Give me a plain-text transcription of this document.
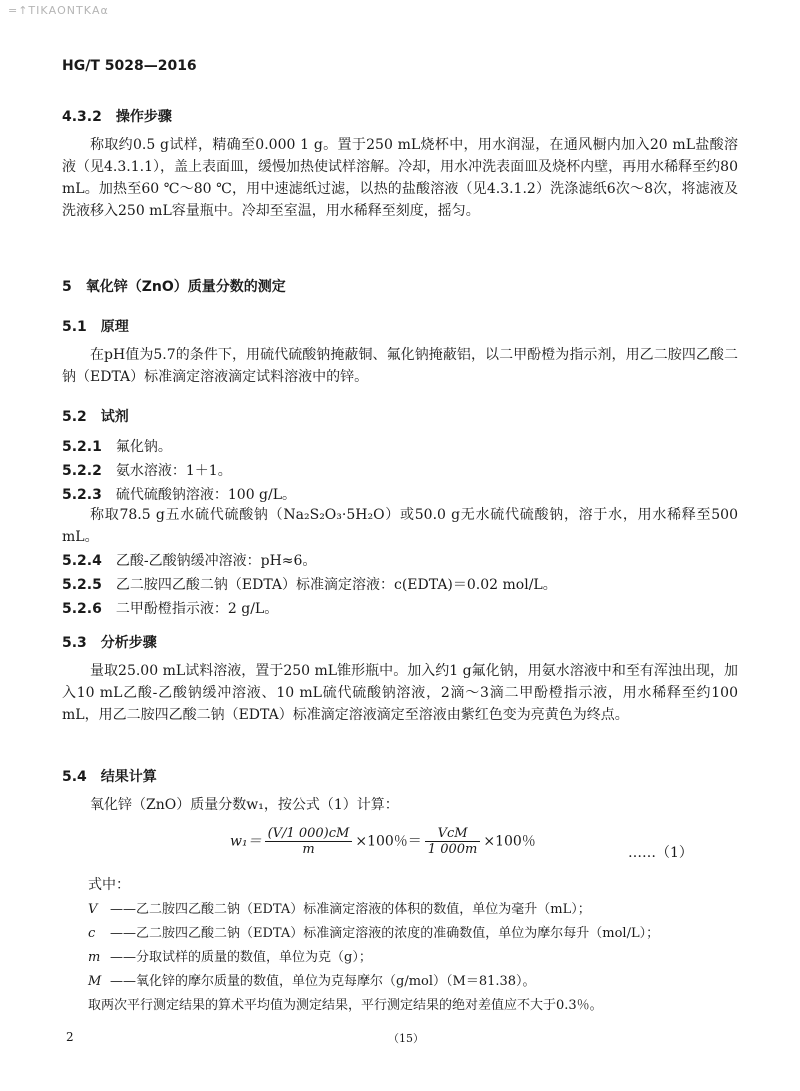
=↑ΤΙΚΑΟΝΤΚΑα
HG/T 5028—2016
4.3.2　操作步骤
称取约0.5 g试样，精确至0.000 1 g。置于250 mL烧杯中，用水润湿，在通风橱内加入20 mL盐酸溶液（见4.3.1.1），盖上表面皿，缓慢加热使试样溶解。冷却，用水冲洗表面皿及烧杯内壁，再用水稀释至约80 mL。加热至60 ℃～80 ℃，用中速滤纸过滤，以热的盐酸溶液（见4.3.1.2）洗涤滤纸6次～8次，将滤液及洗液移入250 mL容量瓶中。冷却至室温，用水稀释至刻度，摇匀。
5　氧化锌（ZnO）质量分数的测定
5.1　原理
在pH值为5.7的条件下，用硫代硫酸钠掩蔽铜、氟化钠掩蔽铝，以二甲酚橙为指示剂，用乙二胺四乙酸二钠（EDTA）标准滴定溶液滴定试料溶液中的锌。
5.2　试剂
5.2.1 氟化钠。
5.2.2 氨水溶液：1＋1。
5.2.3 硫代硫酸钠溶液：100 g/L。
称取78.5 g五水硫代硫酸钠（Na₂S₂O₃·5H₂O）或50.0 g无水硫代硫酸钠，溶于水，用水稀释至500 mL。
5.2.4 乙酸-乙酸钠缓冲溶液：pH≈6。
5.2.5 乙二胺四乙酸二钠（EDTA）标准滴定溶液：c(EDTA)＝0.02 mol/L。
5.2.6 二甲酚橙指示液：2 g/L。
5.3　分析步骤
量取25.00 mL试料溶液，置于250 mL锥形瓶中。加入约1 g氟化钠，用氨水溶液中和至有浑浊出现，加入10 mL乙酸-乙酸钠缓冲溶液、10 mL硫代硫酸钠溶液，2滴～3滴二甲酚橙指示液，用水稀释至约100 mL，用乙二胺四乙酸二钠（EDTA）标准滴定溶液滴定至溶液由紫红色变为亮黄色为终点。
5.4　结果计算
氧化锌（ZnO）质量分数w₁，按公式（1）计算：
$w_1= \frac{(V/1 000)cM}{m} \times 100$％＝ $\frac{\text{VcM}}{1 000m} \times 100$％
……（1）
式中：
V ——乙二胺四乙酸二钠（EDTA）标准滴定溶液的体积的数值，单位为毫升（mL）；
c ——乙二胺四乙酸二钠（EDTA）标准滴定溶液的浓度的准确数值，单位为摩尔每升（mol/L）；
m ——分取试样的质量的数值，单位为克（g）；
M ——氧化锌的摩尔质量的数值，单位为克每摩尔（g/mol）（M＝81.38）。
取两次平行测定结果的算术平均值为测定结果，平行测定结果的绝对差值应不大于0.3％。
2	（15）
